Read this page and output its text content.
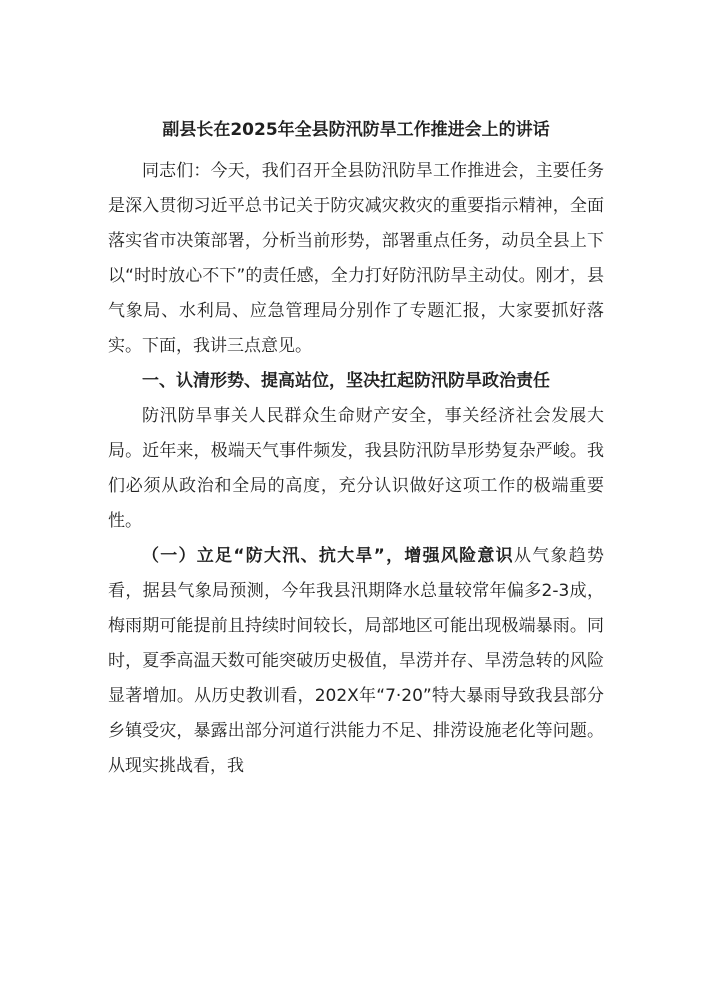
副县长在2025年全县防汛防旱工作推进会上的讲话

同志们：今天，我们召开全县防汛防旱工作推进会，主要任务是深入贯彻习近平总书记关于防灾减灾救灾的重要指示精神，全面落实省市决策部署，分析当前形势，部署重点任务，动员全县上下以“时时放心不下”的责任感，全力打好防汛防旱主动仗。刚才，县气象局、水利局、应急管理局分别作了专题汇报，大家要抓好落实。下面，我讲三点意见。

一、认清形势、提高站位，坚决扛起防汛防旱政治责任

防汛防旱事关人民群众生命财产安全，事关经济社会发展大局。近年来，极端天气事件频发，我县防汛防旱形势复杂严峻。我们必须从政治和全局的高度，充分认识做好这项工作的极端重要性。

（一）立足“防大汛、抗大旱”，增强风险意识从气象趋势看，据县气象局预测，今年我县汛期降水总量较常年偏多2-3成，梅雨期可能提前且持续时间较长，局部地区可能出现极端暴雨。同时，夏季高温天数可能突破历史极值，旱涝并存、旱涝急转的风险显著增加。从历史教训看，202X年“7·20”特大暴雨导致我县部分乡镇受灾，暴露出部分河道行洪能力不足、排涝设施老化等问题。从现实挑战看，我
